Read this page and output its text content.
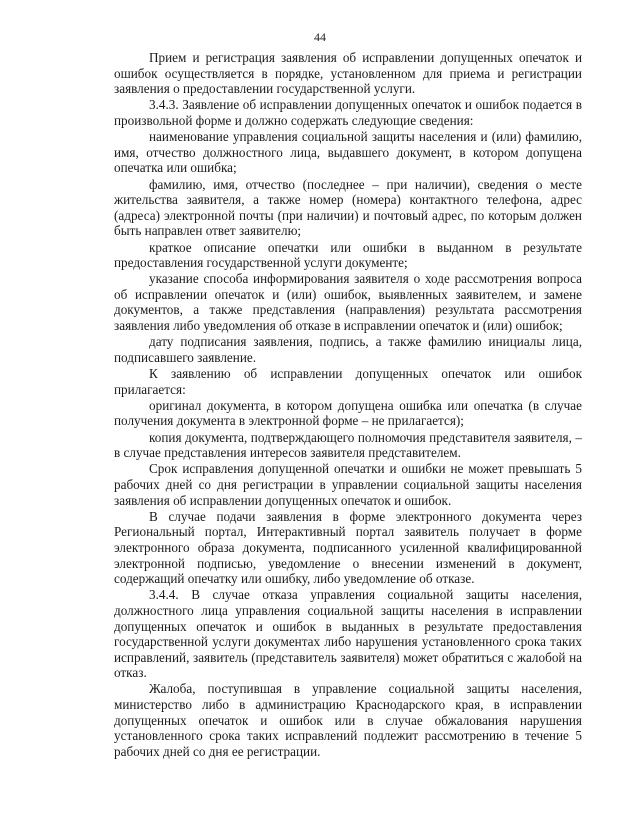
44

Прием и регистрация заявления об исправлении допущенных опечаток и ошибок осуществляется в порядке, установленном для приема и регистрации заявления о предоставлении государственной услуги.

3.4.3. Заявление об исправлении допущенных опечаток и ошибок подается в произвольной форме и должно содержать следующие сведения:

наименование управления социальной защиты населения и (или) фамилию, имя, отчество должностного лица, выдавшего документ, в котором допущена опечатка или ошибка;

фамилию, имя, отчество (последнее – при наличии), сведения о месте жительства заявителя, а также номер (номера) контактного телефона, адрес (адреса) электронной почты (при наличии) и почтовый адрес, по которым должен быть направлен ответ заявителю;

краткое описание опечатки или ошибки в выданном в результате предоставления государственной услуги документе;

указание способа информирования заявителя о ходе рассмотрения вопроса об исправлении опечаток и (или) ошибок, выявленных заявителем, и замене документов, а также представления (направления) результата рассмотрения заявления либо уведомления об отказе в исправлении опечаток и (или) ошибок;

дату подписания заявления, подпись, а также фамилию инициалы лица, подписавшего заявление.

К заявлению об исправлении допущенных опечаток или ошибок прилагается:

оригинал документа, в котором допущена ошибка или опечатка (в случае получения документа в электронной форме – не прилагается);

копия документа, подтверждающего полномочия представителя заявителя, – в случае представления интересов заявителя представителем.

Срок исправления допущенной опечатки и ошибки не может превышать 5 рабочих дней со дня регистрации в управлении социальной защиты населения заявления об исправлении допущенных опечаток и ошибок.

В случае подачи заявления в форме электронного документа через Региональный портал, Интерактивный портал заявитель получает в форме электронного образа документа, подписанного усиленной квалифицированной электронной подписью, уведомление о внесении изменений в документ, содержащий опечатку или ошибку, либо уведомление об отказе.

3.4.4. В случае отказа управления социальной защиты населения, должностного лица управления социальной защиты населения в исправлении допущенных опечаток и ошибок в выданных в результате предоставления государственной услуги документах либо нарушения установленного срока таких исправлений, заявитель (представитель заявителя) может обратиться с жалобой на отказ.

Жалоба, поступившая в управление социальной защиты населения, министерство либо в администрацию Краснодарского края, в исправлении допущенных опечаток и ошибок или в случае обжалования нарушения установленного срока таких исправлений подлежит рассмотрению в течение 5 рабочих дней со дня ее регистрации.
